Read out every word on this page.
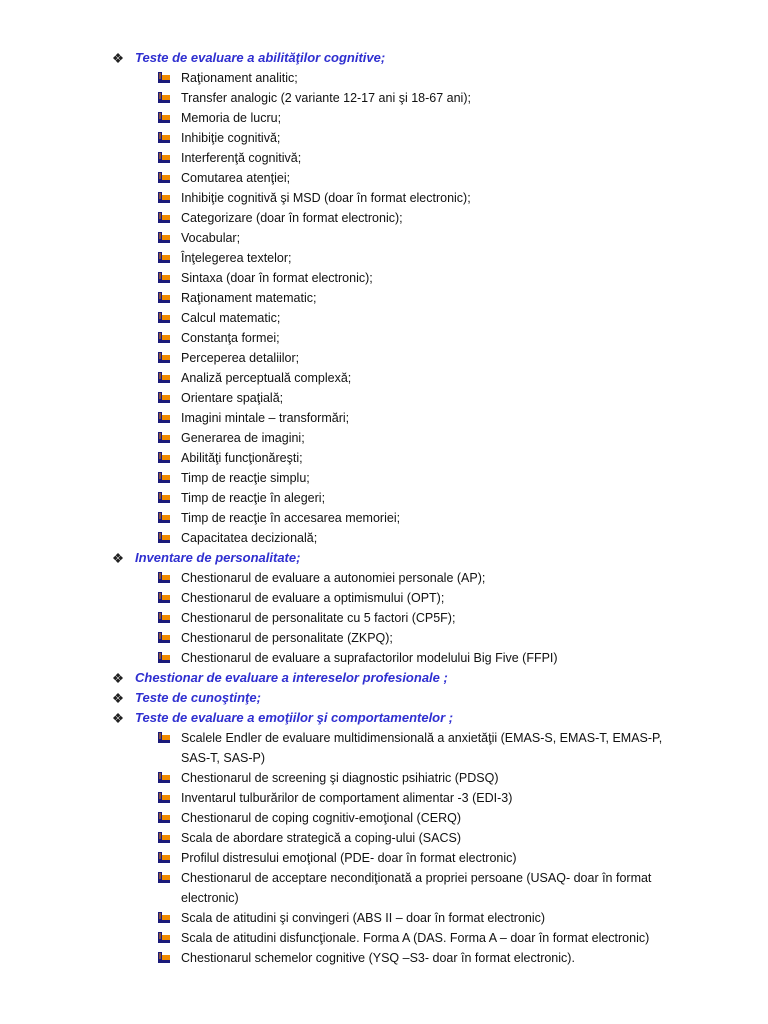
Teste de evaluare a abilităţilor cognitive;
Raţionament analitic;
Transfer analogic (2 variante 12-17 ani şi 18-67 ani);
Memoria de lucru;
Inhibiţie cognitivă;
Interferenţă cognitivă;
Comutarea atenţiei;
Inhibiţie cognitivă şi MSD (doar în format electronic);
Categorizare (doar în format electronic);
Vocabular;
Înţelegerea textelor;
Sintaxa (doar în format electronic);
Raţionament matematic;
Calcul matematic;
Constanţa formei;
Perceperea detaliilor;
Analiză perceptuală complexă;
Orientare spaţială;
Imagini mintale – transformări;
Generarea de imagini;
Abilităţi funcţionăreşti;
Timp de reacţie simplu;
Timp de reacţie în alegeri;
Timp de reacţie în accesarea memoriei;
Capacitatea decizională;
Inventare de personalitate;
Chestionarul de evaluare a autonomiei personale (AP);
Chestionarul de evaluare a optimismului (OPT);
Chestionarul de personalitate cu 5 factori (CP5F);
Chestionarul de personalitate (ZKPQ);
Chestionarul de evaluare a suprafactorilor modelului Big Five (FFPI)
Chestionar de evaluare a intereselor profesionale ;
Teste de cunoştinţe;
Teste de evaluare a emoţiilor şi comportamentelor ;
Scalele Endler de evaluare multidimensională a anxietăţii (EMAS-S, EMAS-T, EMAS-P, SAS-T, SAS-P)
Chestionarul de screening şi diagnostic psihiatric (PDSQ)
Inventarul tulburărilor de comportament alimentar -3 (EDI-3)
Chestionarul de coping cognitiv-emoţional (CERQ)
Scala de abordare strategică a coping-ului (SACS)
Profilul distresului emoţional (PDE- doar în format electronic)
Chestionarul de acceptare necondiţionată a propriei persoane (USAQ- doar în format electronic)
Scala de atitudini şi convingeri (ABS II – doar în format electronic)
Scala de atitudini disfuncţionale. Forma A (DAS. Forma A – doar în format electronic)
Chestionarul schemelor cognitive (YSQ –S3- doar în format electronic).
